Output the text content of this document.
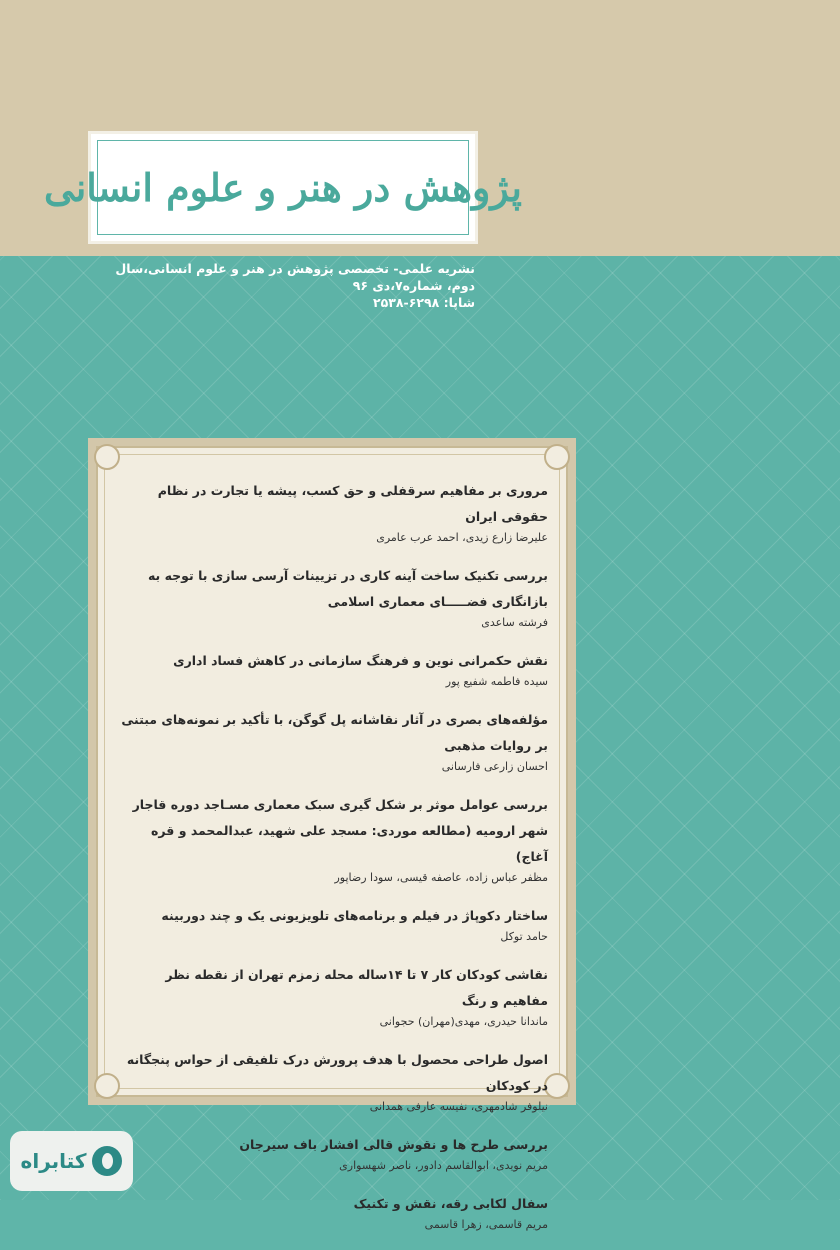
پژوهش در هنر و علوم انسانی
نشریه علمی- تخصصی پژوهش در هنر و علوم انسانی،سال دوم، شماره۷،دی ۹۶
شاپا: ۶۲۹۸-۲۵۳۸
مروری بر مفاهیم سرقفلی و حق کسب، پیشه یا تجارت در نظام حقوقی ایران
علیرضا زارع زیدی، احمد عرب عامری
بررسی تکنیک ساخت آینه کاری در تزیینات آرسی سازی با توجه به بازانگاری فضـــــای معماری اسلامی
فرشته ساعدی
نقش حکمرانی نوین و فرهنگ سازمانی در کاهش فساد اداری
سیده فاطمه شفیع پور
مؤلفه‌های بصری در آثار نقاشانه پل گوگن، با تأکید بر نمونه‌های مبتنی بر روایات مذهبی
احسان زارعی فارسانی
بررسی عوامل موثر بر شکل گیری سبک معماری مسـاجد دوره قاجار شهر ارومیه (مطالعه موردی: مسجد علی شهید، عبدالمحمد و قره آغاج)
مظفر عباس زاده، عاصفه قیسی، سودا رضاپور
ساختار دکوپاژ در فیلم و برنامه‌های تلویزیونی یک و چند دوربینه
حامد توکل
نقاشی کودکان کار ۷ تا ۱۴ساله محله زمزم تهران از نقطه نظر مفاهیم و رنگ
ماندانا حیدری، مهدی(مهران) حجوانی
اصول طراحی محصول با هدف پرورش درک تلفیقی از حواس پنجگانه در کودکان
نیلوفر شادمهری، نفیسه عارفی همدانی
بررسی طرح ها و نقوش قالی افشار باف سیرجان
مریم نویدی، ابوالقاسم دادور، ناصر شهسواری
سفال لکابی رقه، نقش و تکنیک
مریم قاسمی، زهرا قاسمی
کتابراه
